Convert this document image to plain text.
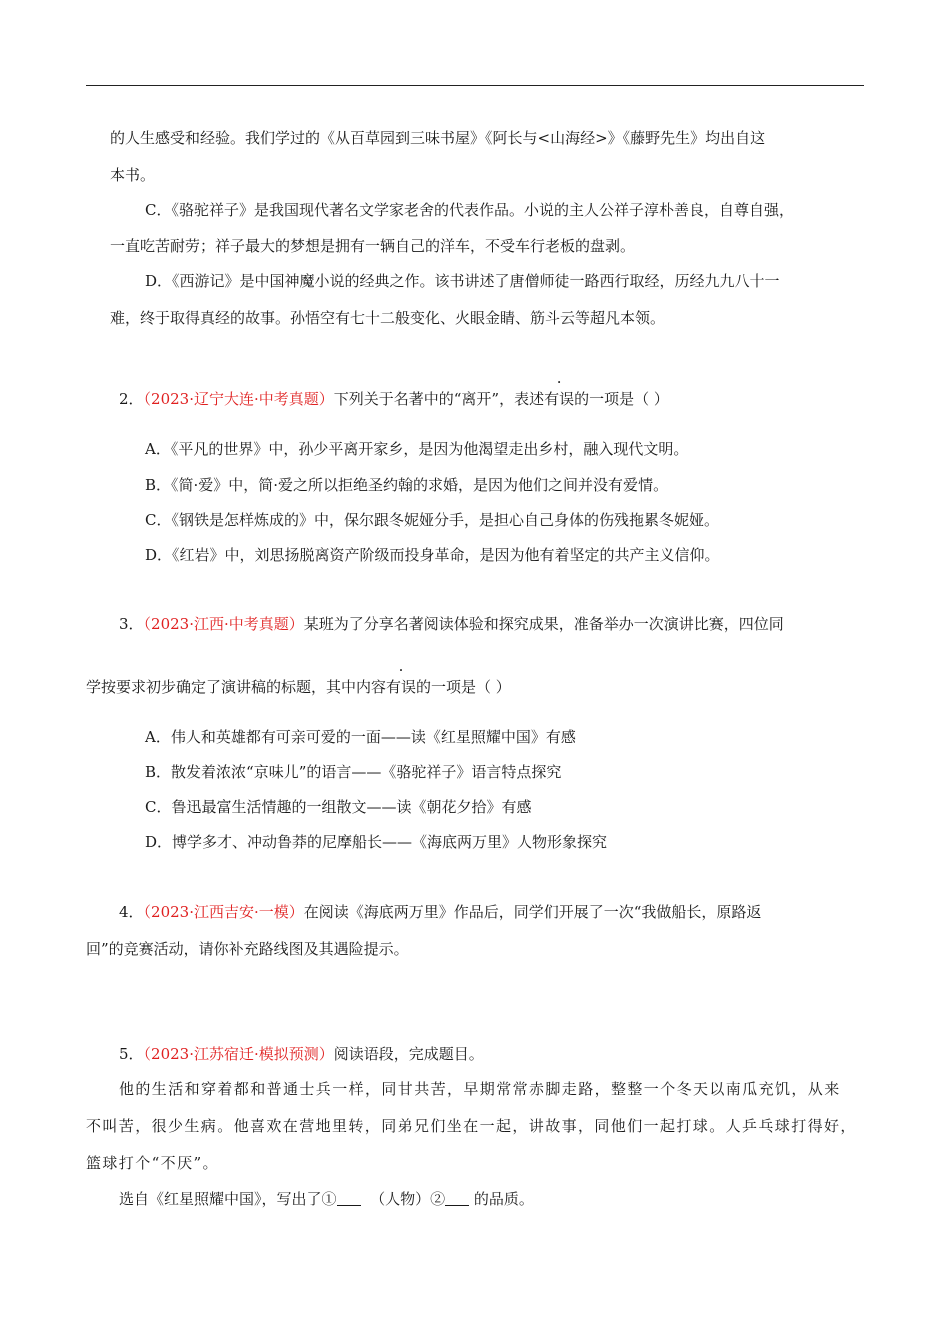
的人生感受和经验。我们学过的《从百草园到三味书屋》《阿长与<山海经>》《藤野先生》均出自这
本书。
C．《骆驼祥子》是我国现代著名文学家老舍的代表作品。小说的主人公祥子淳朴善良，自尊自强，
一直吃苦耐劳；祥子最大的梦想是拥有一辆自己的洋车，不受车行老板的盘剥。
D．《西游记》是中国神魔小说的经典之作。该书讲述了唐僧师徒一路西行取经，历经九九八十一
难，终于取得真经的故事。孙悟空有七十二般变化、火眼金睛、筋斗云等超凡本领。
2．（2023·辽宁大连·中考真题）下列关于名著中的“离开”，表述有误的一项是（ ）
A．《平凡的世界》中，孙少平离开家乡，是因为他渴望走出乡村，融入现代文明。
B．《简·爱》中，简·爱之所以拒绝圣约翰的求婚，是因为他们之间并没有爱情。
C．《钢铁是怎样炼成的》中，保尔跟冬妮娅分手，是担心自己身体的伤残拖累冬妮娅。
D．《红岩》中，刘思扬脱离资产阶级而投身革命，是因为他有着坚定的共产主义信仰。
3．（2023·江西·中考真题）某班为了分享名著阅读体验和探究成果，准备举办一次演讲比赛，四位同
学按要求初步确定了演讲稿的标题，其中内容有误的一项是（ ）
A．伟人和英雄都有可亲可爱的一面——读《红星照耀中国》有感
B．散发着浓浓“京味儿”的语言——《骆驼祥子》语言特点探究
C．鲁迅最富生活情趣的一组散文——读《朝花夕拾》有感
D．博学多才、冲动鲁莽的尼摩船长——《海底两万里》人物形象探究
4．（2023·江西吉安·一模）在阅读《海底两万里》作品后，同学们开展了一次“我做船长，原路返
回”的竞赛活动，请你补充路线图及其遇险提示。
5．（2023·江苏宿迁·模拟预测）阅读语段，完成题目。
他的生活和穿着都和普通士兵一样，同甘共苦，早期常常赤脚走路，整整一个冬天以南瓜充饥，从来
不叫苦，很少生病。他喜欢在营地里转，同弟兄们坐在一起，讲故事，同他们一起打球。人乒乓球打得好，
篮球打个“不厌”。
选自《红星照耀中国》，写出了① （人物）② 的品质。
